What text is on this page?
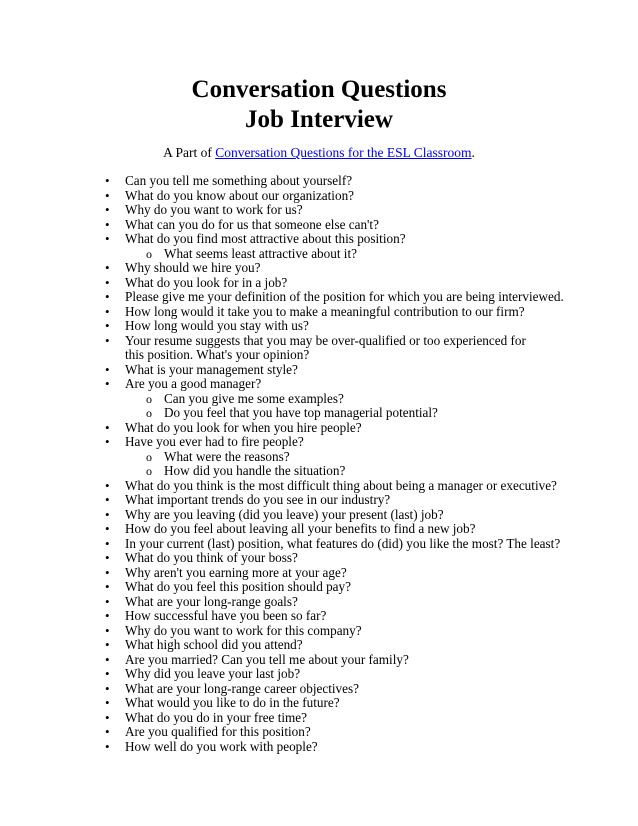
Conversation Questions
Job Interview
A Part of Conversation Questions for the ESL Classroom.
• Can you tell me something about yourself?
• What do you know about our organization?
• Why do you want to work for us?
• What can you do for us that someone else can't?
• What do you find most attractive about this position?
o What seems least attractive about it?
• Why should we hire you?
• What do you look for in a job?
• Please give me your definition of the position for which you are being interviewed.
• How long would it take you to make a meaningful contribution to our firm?
• How long would you stay with us?
• Your resume suggests that you may be over-qualified or too experienced for this position. What's your opinion?
• What is your management style?
• Are you a good manager?
o Can you give me some examples?
o Do you feel that you have top managerial potential?
• What do you look for when you hire people?
• Have you ever had to fire people?
o What were the reasons?
o How did you handle the situation?
• What do you think is the most difficult thing about being a manager or executive?
• What important trends do you see in our industry?
• Why are you leaving (did you leave) your present (last) job?
• How do you feel about leaving all your benefits to find a new job?
• In your current (last) position, what features do (did) you like the most? The least?
• What do you think of your boss?
• Why aren't you earning more at your age?
• What do you feel this position should pay?
• What are your long-range goals?
• How successful have you been so far?
• Why do you want to work for this company?
• What high school did you attend?
• Are you married? Can you tell me about your family?
• Why did you leave your last job?
• What are your long-range career objectives?
• What would you like to do in the future?
• What do you do in your free time?
• Are you qualified for this position?
• How well do you work with people?
